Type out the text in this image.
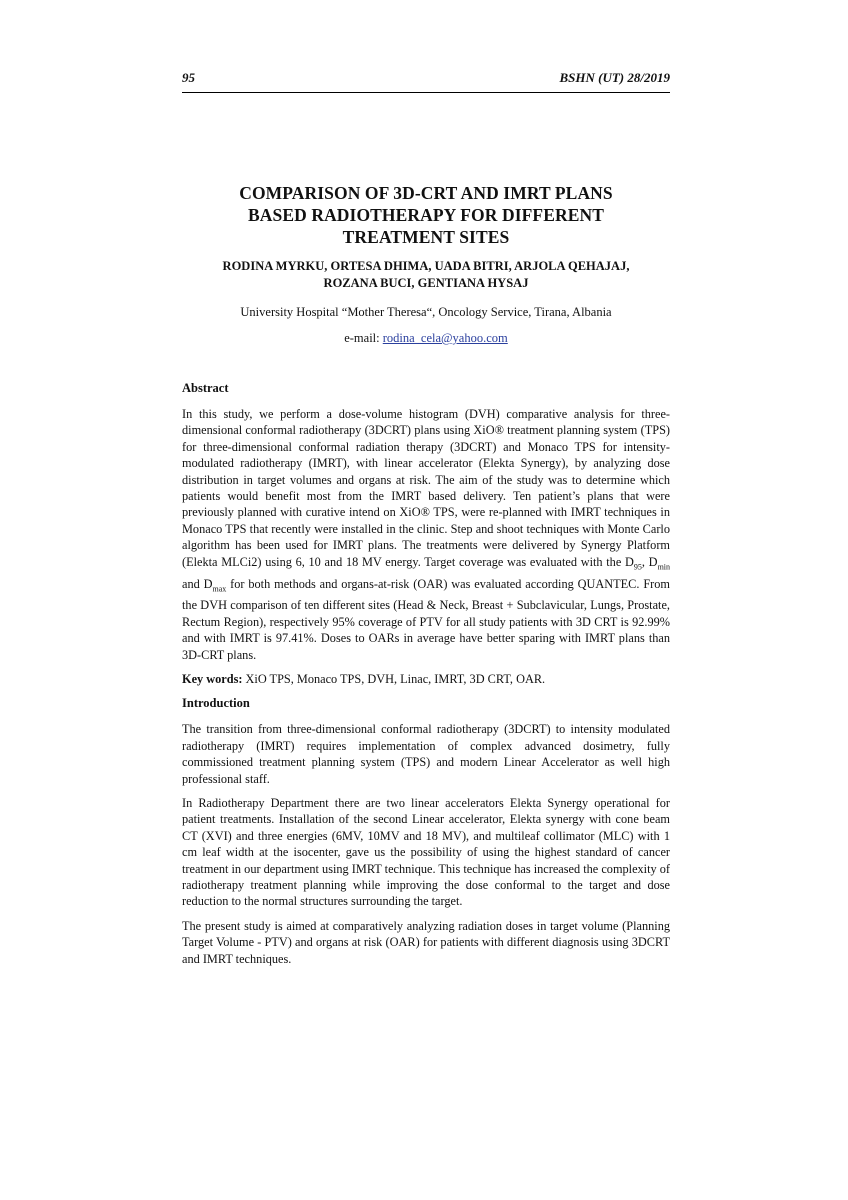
95	BSHN (UT) 28/2019
COMPARISON OF 3D-CRT AND IMRT PLANS
BASED RADIOTHERAPY FOR DIFFERENT
TREATMENT SITES

RODINA MYRKU, ORTESA DHIMA, UADA BITRI, ARJOLA QEHAJAJ,
ROZANA BUCI, GENTIANA HYSAJ

University Hospital “Mother Theresa“, Oncology Service, Tirana, Albania

e-mail: rodina_cela@yahoo.com

Abstract

In this study, we perform a dose-volume histogram (DVH) comparative analysis for three-dimensional conformal radiotherapy (3DCRT) plans using XiO® treatment planning system (TPS) for three-dimensional conformal radiation therapy (3DCRT) and Monaco TPS for intensity-modulated radiotherapy (IMRT), with linear accelerator (Elekta Synergy), by analyzing dose distribution in target volumes and organs at risk. The aim of the study was to determine which patients would benefit most from the IMRT based delivery. Ten patient’s plans that were previously planned with curative intend on XiO® TPS, were re-planned with IMRT techniques in Monaco TPS that recently were installed in the clinic. Step and shoot techniques with Monte Carlo algorithm has been used for IMRT plans. The treatments were delivered by Synergy Platform (Elekta MLCi2) using 6, 10 and 18 MV energy. Target coverage was evaluated with the $D_{95}$, $D_{min}$ and $D_{max}$ for both methods and organs-at-risk (OAR) was evaluated according QUANTEC. From the DVH comparison of ten different sites (Head & Neck, Breast + Subclavicular, Lungs, Prostate, Rectum Region), respectively 95% coverage of PTV for all study patients with 3D CRT is 92.99% and with IMRT is 97.41%. Doses to OARs in average have better sparing with IMRT plans than 3D-CRT plans.

Key words: XiO TPS, Monaco TPS, DVH, Linac, IMRT, 3D CRT, OAR.

Introduction

The transition from three-dimensional conformal radiotherapy (3DCRT) to intensity modulated radiotherapy (IMRT) requires implementation of complex advanced dosimetry, fully commissioned treatment planning system (TPS) and modern Linear Accelerator as well high professional staff.

In Radiotherapy Department there are two linear accelerators Elekta Synergy operational for patient treatments. Installation of the second Linear accelerator, Elekta synergy with cone beam CT (XVI) and three energies (6MV, 10MV and 18 MV), and multileaf collimator (MLC) with 1 cm leaf width at the isocenter, gave us the possibility of using the highest standard of cancer treatment in our department using IMRT technique. This technique has increased the complexity of radiotherapy treatment planning while improving the dose conformal to the target and dose reduction to the normal structures surrounding the target.

The present study is aimed at comparatively analyzing radiation doses in target volume (Planning Target Volume - PTV) and organs at risk (OAR) for patients with different diagnosis using 3DCRT and IMRT techniques.
